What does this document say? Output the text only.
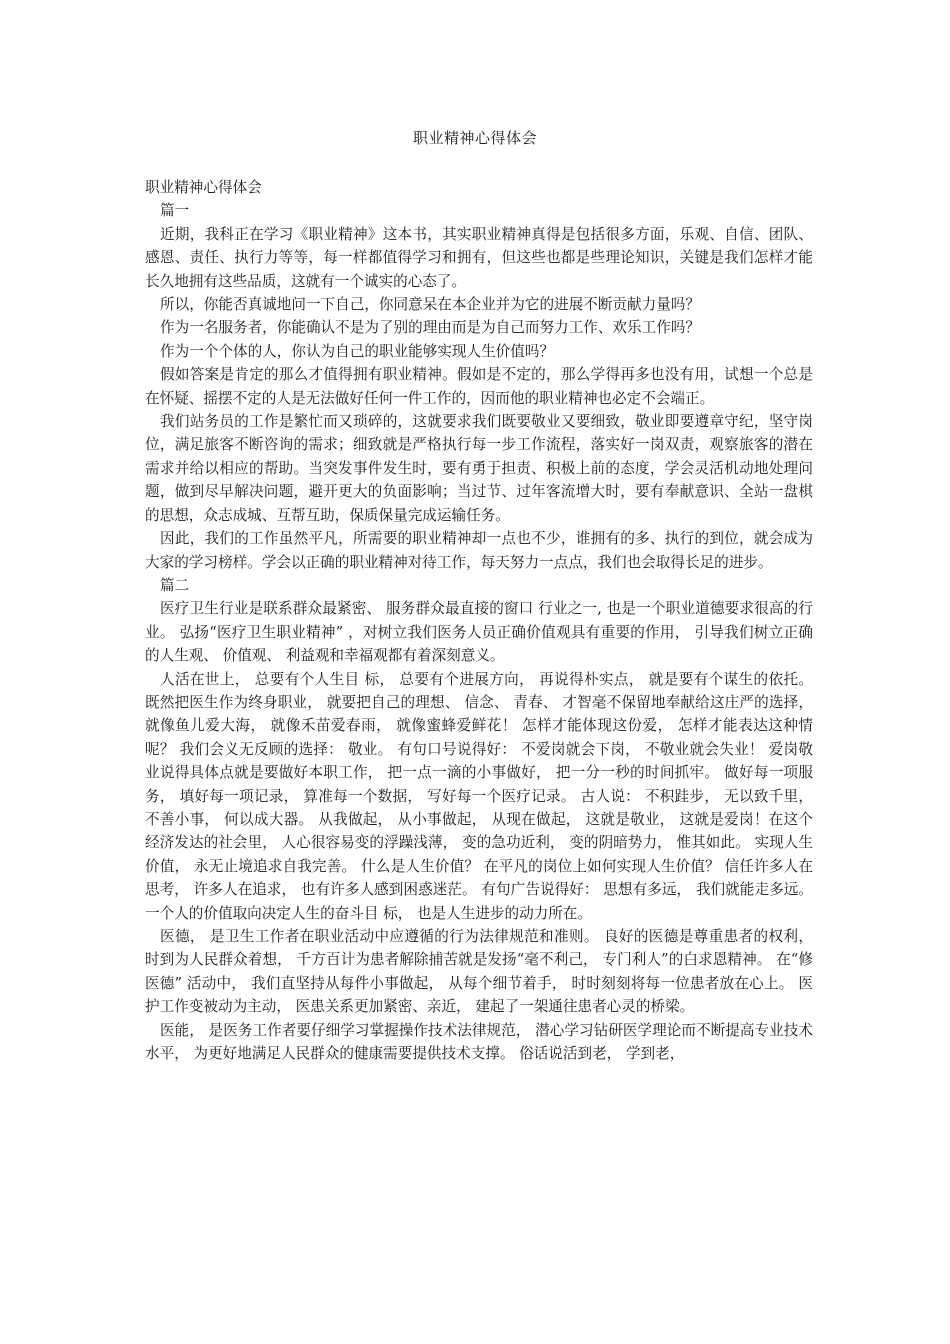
职业精神心得体会

职业精神心得体会

篇一

近期，我科正在学习《职业精神》这本书，其实职业精神真得是包括很多方面，乐观、自信、团队、感恩、责任、执行力等等，每一样都值得学习和拥有，但这些也都是些理论知识，关键是我们怎样才能长久地拥有这些品质，这就有一个诚实的心态了。

所以，你能否真诚地问一下自己，你同意呆在本企业并为它的进展不断贡献力量吗？

作为一名服务者，你能确认不是为了别的理由而是为自己而努力工作、欢乐工作吗？

作为一个个体的人，你认为自己的职业能够实现人生价值吗？

假如答案是肯定的那么才值得拥有职业精神。假如是不定的，那么学得再多也没有用，试想一个总是在怀疑、摇摆不定的人是无法做好任何一件工作的，因而他的职业精神也必定不会端正。

我们站务员的工作是繁忙而又琐碎的，这就要求我们既要敬业又要细致，敬业即要遵章守纪，坚守岗位，满足旅客不断咨询的需求；细致就是严格执行每一步工作流程，落实好一岗双责，观察旅客的潜在需求并给以相应的帮助。当突发事件发生时，要有勇于担责、积极上前的态度，学会灵活机动地处理问题，做到尽早解决问题，避开更大的负面影响；当过节、过年客流增大时，要有奉献意识、全站一盘棋的思想，众志成城、互帮互助，保质保量完成运输任务。

因此，我们的工作虽然平凡，所需要的职业精神却一点也不少，谁拥有的多、执行的到位，就会成为大家的学习榜样。学会以正确的职业精神对待工作，每天努力一点点，我们也会取得长足的进步。

篇二

医疗卫生行业是联系群众最紧密、 服务群众最直接的窗口 行业之一, 也是一个职业道德要求很高的行业。 弘扬“医疗卫生职业精神” ，对树立我们医务人员正确价值观具有重要的作用， 引导我们树立正确的人生观、 价值观、 利益观和幸福观都有着深刻意义。

人活在世上， 总要有个人生目 标， 总要有个进展方向， 再说得朴实点， 就是要有个谋生的依托。 既然把医生作为终身职业， 就要把自己的理想、 信念、 青春、 才智毫不保留地奉献给这庄严的选择， 就像鱼儿爱大海， 就像禾苗爱春雨， 就像蜜蜂爱鲜花！ 怎样才能体现这份爱， 怎样才能表达这种情呢？ 我们会义无反顾的选择： 敬业。 有句口号说得好： 不爱岗就会下岗， 不敬业就会失业！ 爱岗敬业说得具体点就是要做好本职工作， 把一点一滴的小事做好， 把一分一秒的时间抓牢。 做好每一项服务， 填好每一项记录， 算准每一个数据， 写好每一个医疗记录。 古人说： 不积跬步， 无以致千里， 不善小事， 何以成大器。 从我做起， 从小事做起， 从现在做起， 这就是敬业， 这就是爱岗！在这个经济发达的社会里， 人心很容易变的浮躁浅薄， 变的急功近利， 变的阴暗势力， 惟其如此。 实现人生价值， 永无止境追求自我完善。 什么是人生价值？ 在平凡的岗位上如何实现人生价值？ 信任许多人在思考， 许多人在追求， 也有许多人感到困惑迷茫。 有句广告说得好： 思想有多远， 我们就能走多远。 一个人的价值取向决定人生的奋斗目 标， 也是人生进步的动力所在。

医德， 是卫生工作者在职业活动中应遵循的行为法律规范和准则。 良好的医德是尊重患者的权利， 时到为人民群众着想， 千方百计为患者解除捕苦就是发扬“毫不利己， 专门利人”的白求恩精神。 在“修医德” 活动中， 我们直坚持从每件小事做起， 从每个细节着手， 时时刻刻将每一位患者放在心上。 医护工作变被动为主动， 医患关系更加紧密、亲近， 建起了一架通往患者心灵的桥梁。

医能， 是医务工作者要仔细学习掌握操作技术法律规范， 潜心学习钻研医学理论而不断提高专业技术水平， 为更好地满足人民群众的健康需要提供技术支撑。 俗话说活到老， 学到老，
